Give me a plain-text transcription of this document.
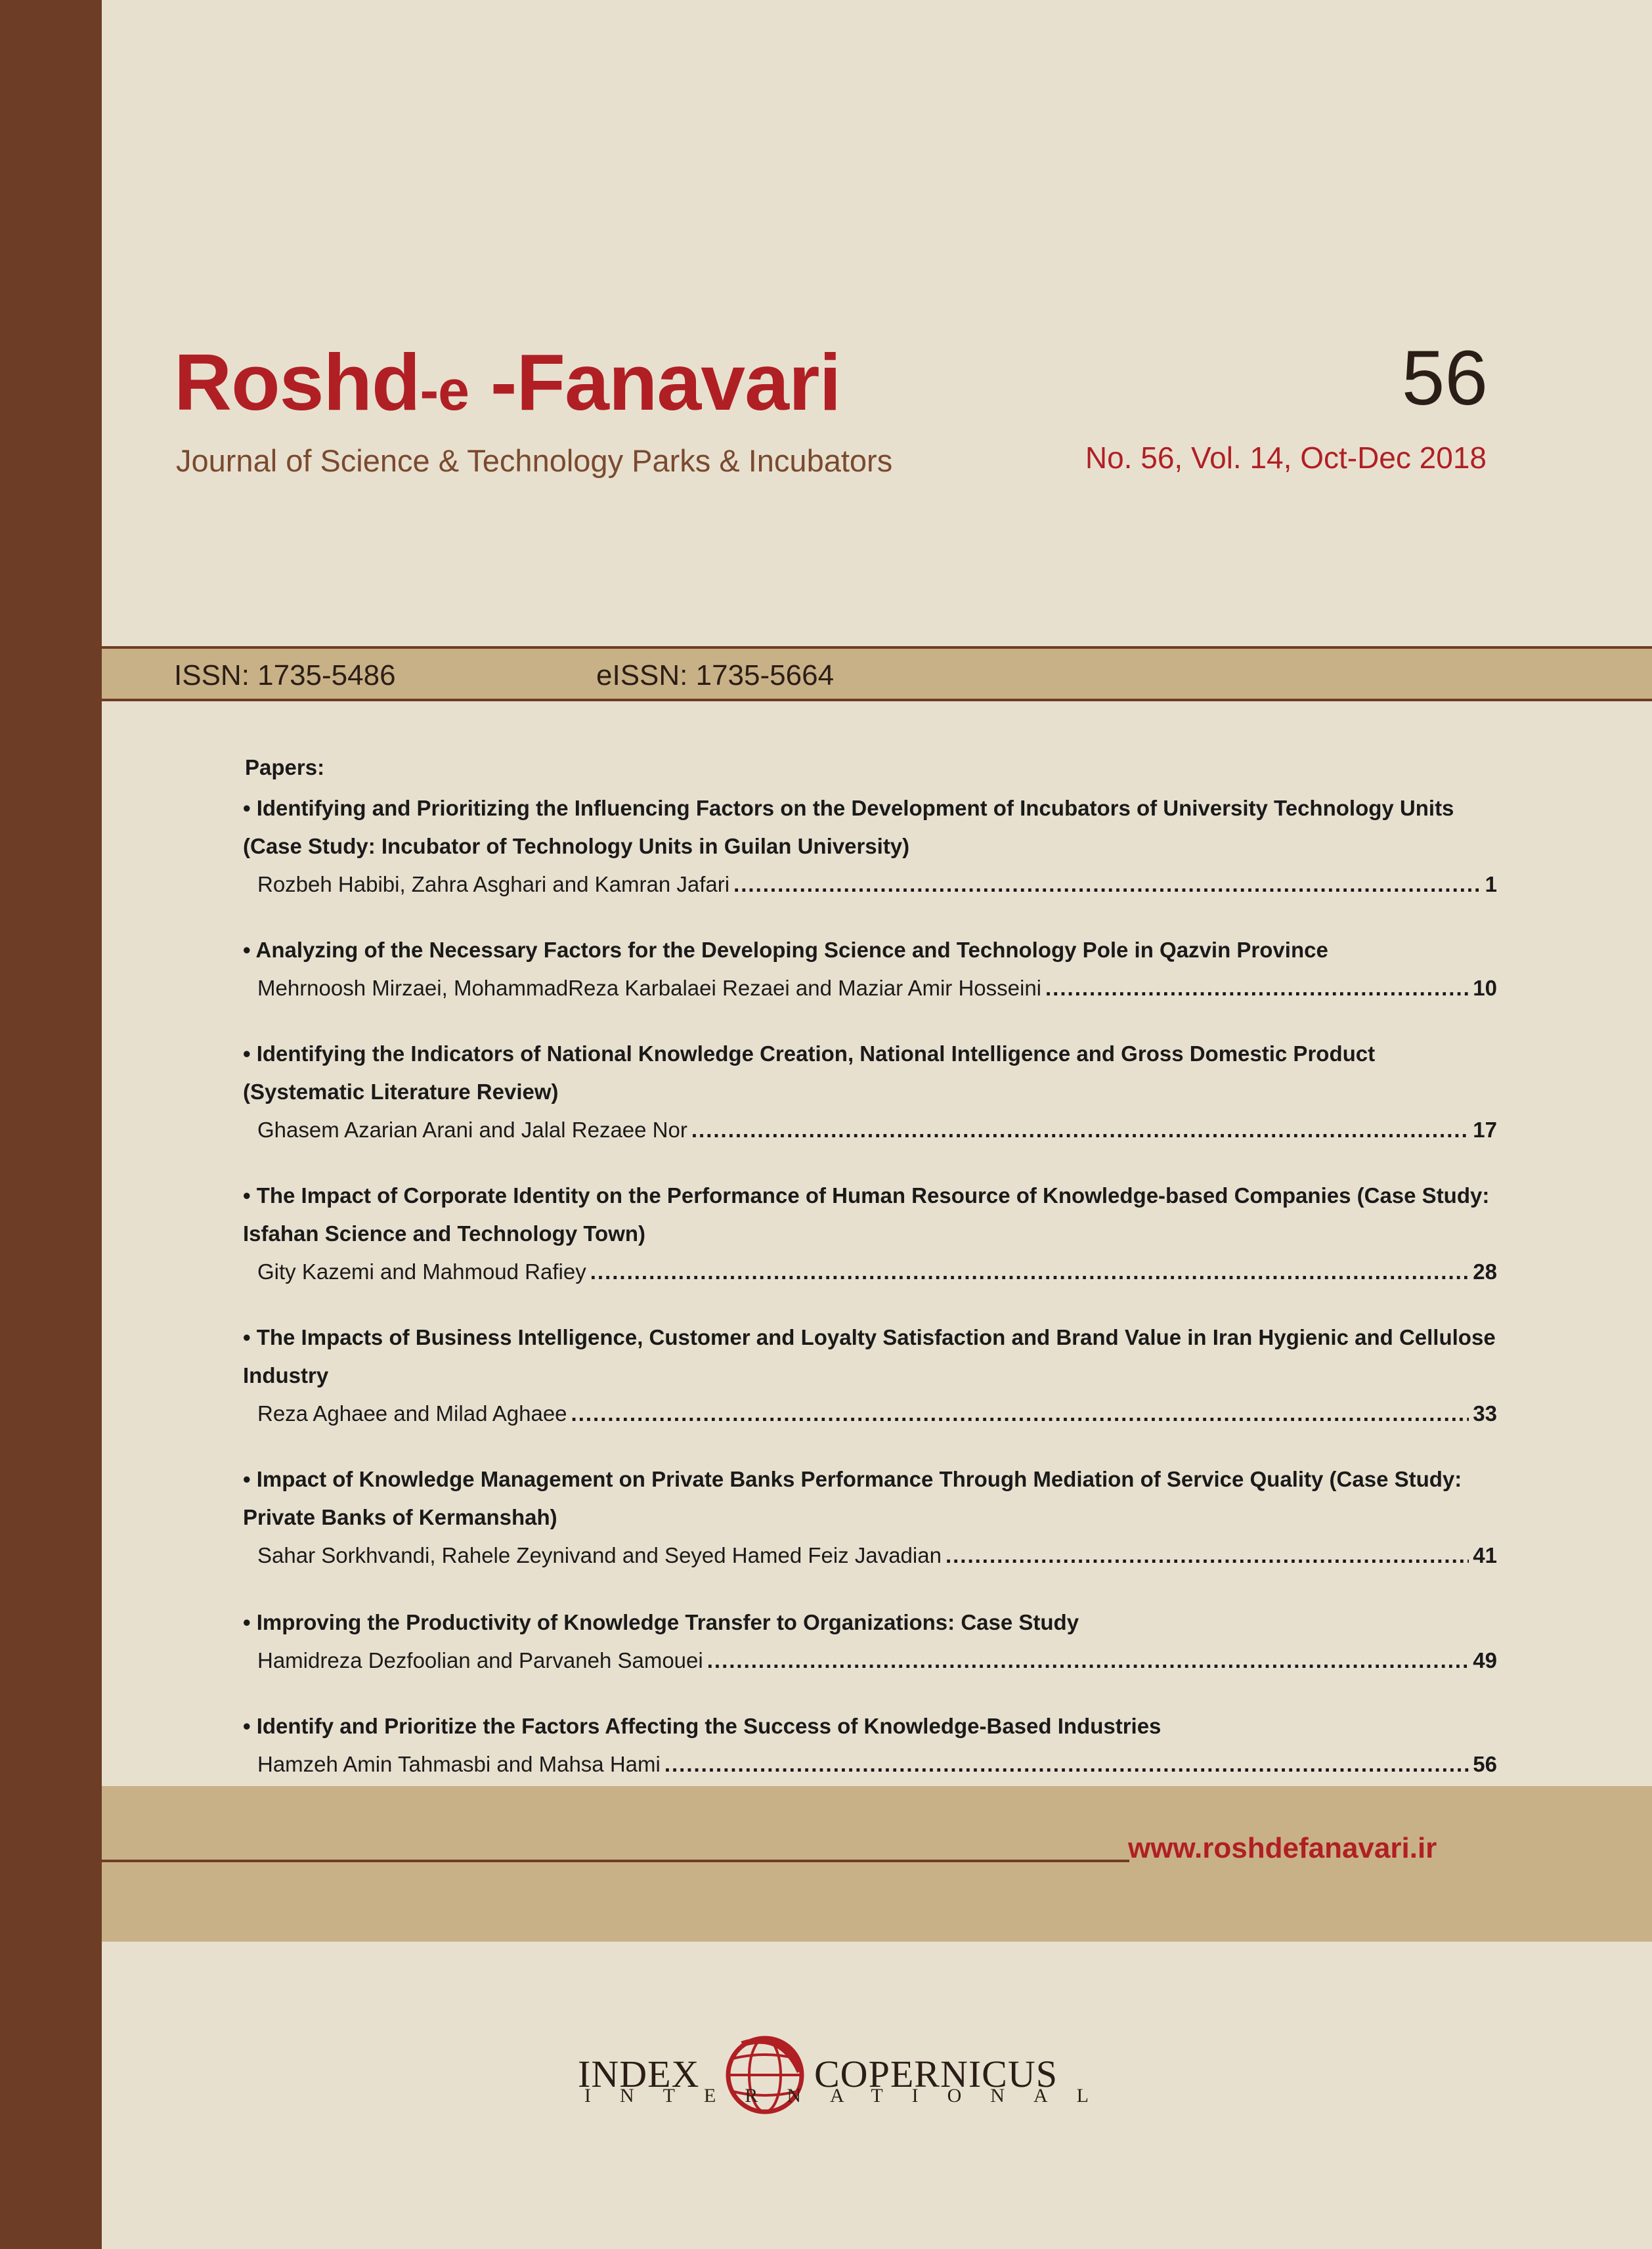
Roshd-e -Fanavari
Journal of Science & Technology Parks & Incubators
56
No. 56, Vol. 14, Oct-Dec 2018
ISSN: 1735-5486	eISSN: 1735-5664
Papers:
• Identifying and Prioritizing the Influencing Factors on the Development of Incubators of University Technology Units (Case Study: Incubator of Technology Units in Guilan University)
Rozbeh Habibi, Zahra Asghari and Kamran Jafari .....	1
• Analyzing of the Necessary Factors for the Developing Science and Technology Pole in Qazvin Province
Mehrnoosh Mirzaei, MohammadReza Karbalaei Rezaei and Maziar Amir Hosseini .....	10
• Identifying the Indicators of National Knowledge Creation, National Intelligence and Gross Domestic Product (Systematic Literature Review)
Ghasem Azarian Arani and Jalal Rezaee Nor .....	17
• The Impact of Corporate Identity on the Performance of Human Resource of Knowledge-based Companies (Case Study: Isfahan Science and Technology Town)
Gity Kazemi and Mahmoud Rafiey .....	28
• The Impacts of Business Intelligence, Customer and Loyalty Satisfaction and Brand Value in Iran Hygienic and Cellulose Industry
Reza Aghaee and Milad Aghaee .....	33
• Impact of Knowledge Management on Private Banks Performance Through Mediation of Service Quality (Case Study: Private Banks of Kermanshah)
Sahar Sorkhvandi, Rahele Zeynivand and Seyed Hamed Feiz Javadian .....	41
• Improving the Productivity of Knowledge Transfer to Organizations: Case Study
Hamidreza Dezfoolian and Parvaneh Samouei .....	49
• Identify and Prioritize the Factors Affecting the Success of Knowledge-Based Industries
Hamzeh Amin Tahmasbi and Mahsa Hami .....	56
www.roshdefanavari.ir
INDEX	COPERNICUS
INTERNATIONAL
